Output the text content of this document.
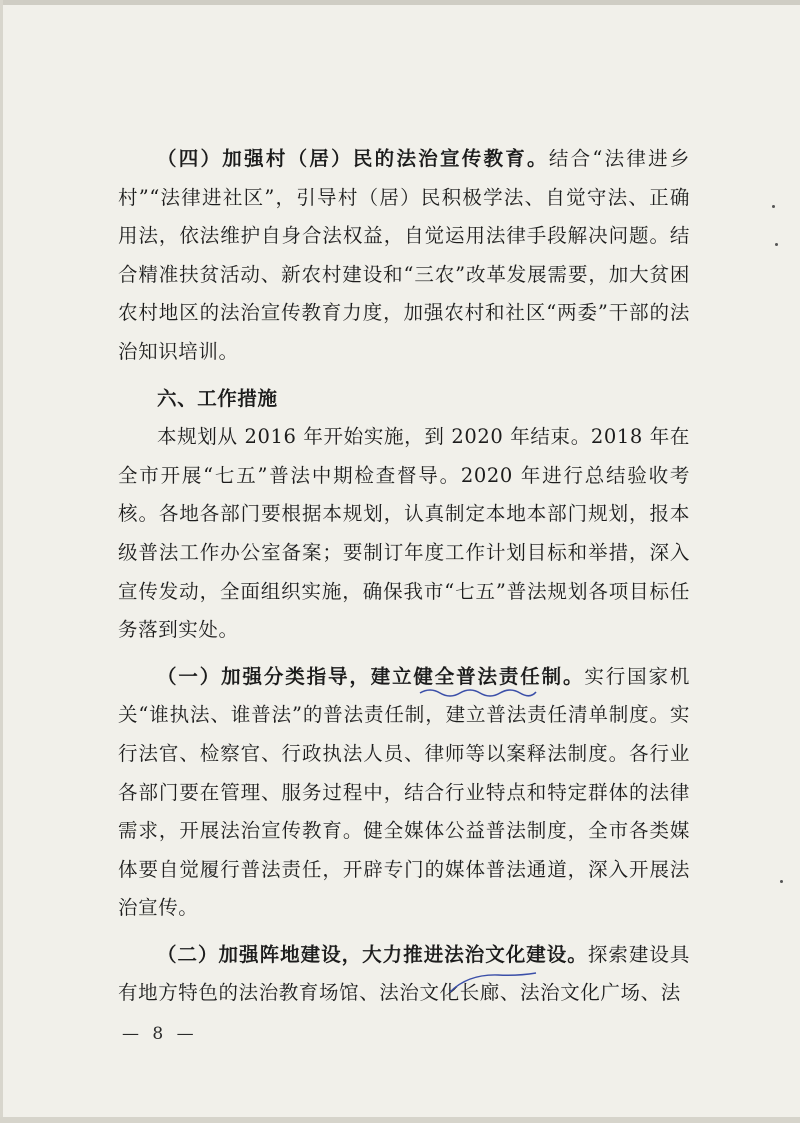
（四）加强村（居）民的法治宣传教育。结合“法律进乡村”“法律进社区”，引导村（居）民积极学法、自觉守法、正确用法，依法维护自身合法权益，自觉运用法律手段解决问题。结合精准扶贫活动、新农村建设和“三农”改革发展需要，加大贫困农村地区的法治宣传教育力度，加强农村和社区“两委”干部的法治知识培训。

六、工作措施

本规划从 2016 年开始实施，到 2020 年结束。2018 年在全市开展“七五”普法中期检查督导。2020 年进行总结验收考核。各地各部门要根据本规划，认真制定本地本部门规划，报本级普法工作办公室备案；要制订年度工作计划目标和举措，深入宣传发动，全面组织实施，确保我市“七五”普法规划各项目标任务落到实处。

（一）加强分类指导，建立健全普法责任制。实行国家机关“谁执法、谁普法”的普法责任制，建立普法责任清单制度。实行法官、检察官、行政执法人员、律师等以案释法制度。各行业各部门要在管理、服务过程中，结合行业特点和特定群体的法律需求，开展法治宣传教育。健全媒体公益普法制度，全市各类媒体要自觉履行普法责任，开辟专门的媒体普法通道，深入开展法治宣传。

（二）加强阵地建设，大力推进法治文化建设。探索建设具有地方特色的法治教育场馆、法治文化长廊、法治文化广场、法

— 8 —
